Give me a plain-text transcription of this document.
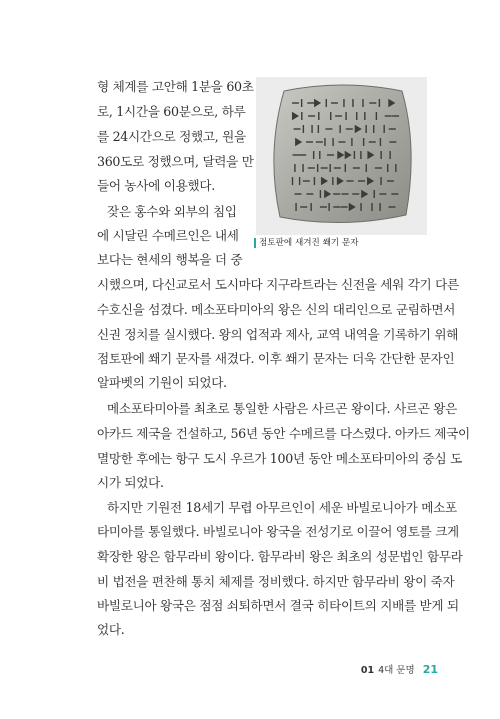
점토판에 새겨진 쐐기 문자
형 체계를 고안해 1분을 60초
로, 1시간을 60분으로, 하루
를 24시간으로 정했고, 원을
360도로 정했으며, 달력을 만
들어 농사에 이용했다.
잦은 홍수와 외부의 침입
에 시달린 수메르인은 내세
보다는 현세의 행복을 더 중
시했으며, 다신교로서 도시마다 지구라트라는 신전을 세워 각기 다른
수호신을 섬겼다. 메소포타미아의 왕은 신의 대리인으로 군림하면서
신권 정치를 실시했다. 왕의 업적과 제사, 교역 내역을 기록하기 위해
점토판에 쐐기 문자를 새겼다. 이후 쐐기 문자는 더욱 간단한 문자인
알파벳의 기원이 되었다.
메소포타미아를 최초로 통일한 사람은 사르곤 왕이다. 사르곤 왕은
아카드 제국을 건설하고, 56년 동안 수메르를 다스렸다. 아카드 제국이
멸망한 후에는 항구 도시 우르가 100년 동안 메소포타미아의 중심 도
시가 되었다.
하지만 기원전 18세기 무렵 아무르인이 세운 바빌로니아가 메소포
타미아를 통일했다. 바빌로니아 왕국을 전성기로 이끌어 영토를 크게
확장한 왕은 함무라비 왕이다. 함무라비 왕은 최초의 성문법인 함무라
비 법전을 편찬해 통치 체제를 정비했다. 하지만 함무라비 왕이 죽자
바빌로니아 왕국은 점점 쇠퇴하면서 결국 히타이트의 지배를 받게 되
었다.
01 4대 문명 21
